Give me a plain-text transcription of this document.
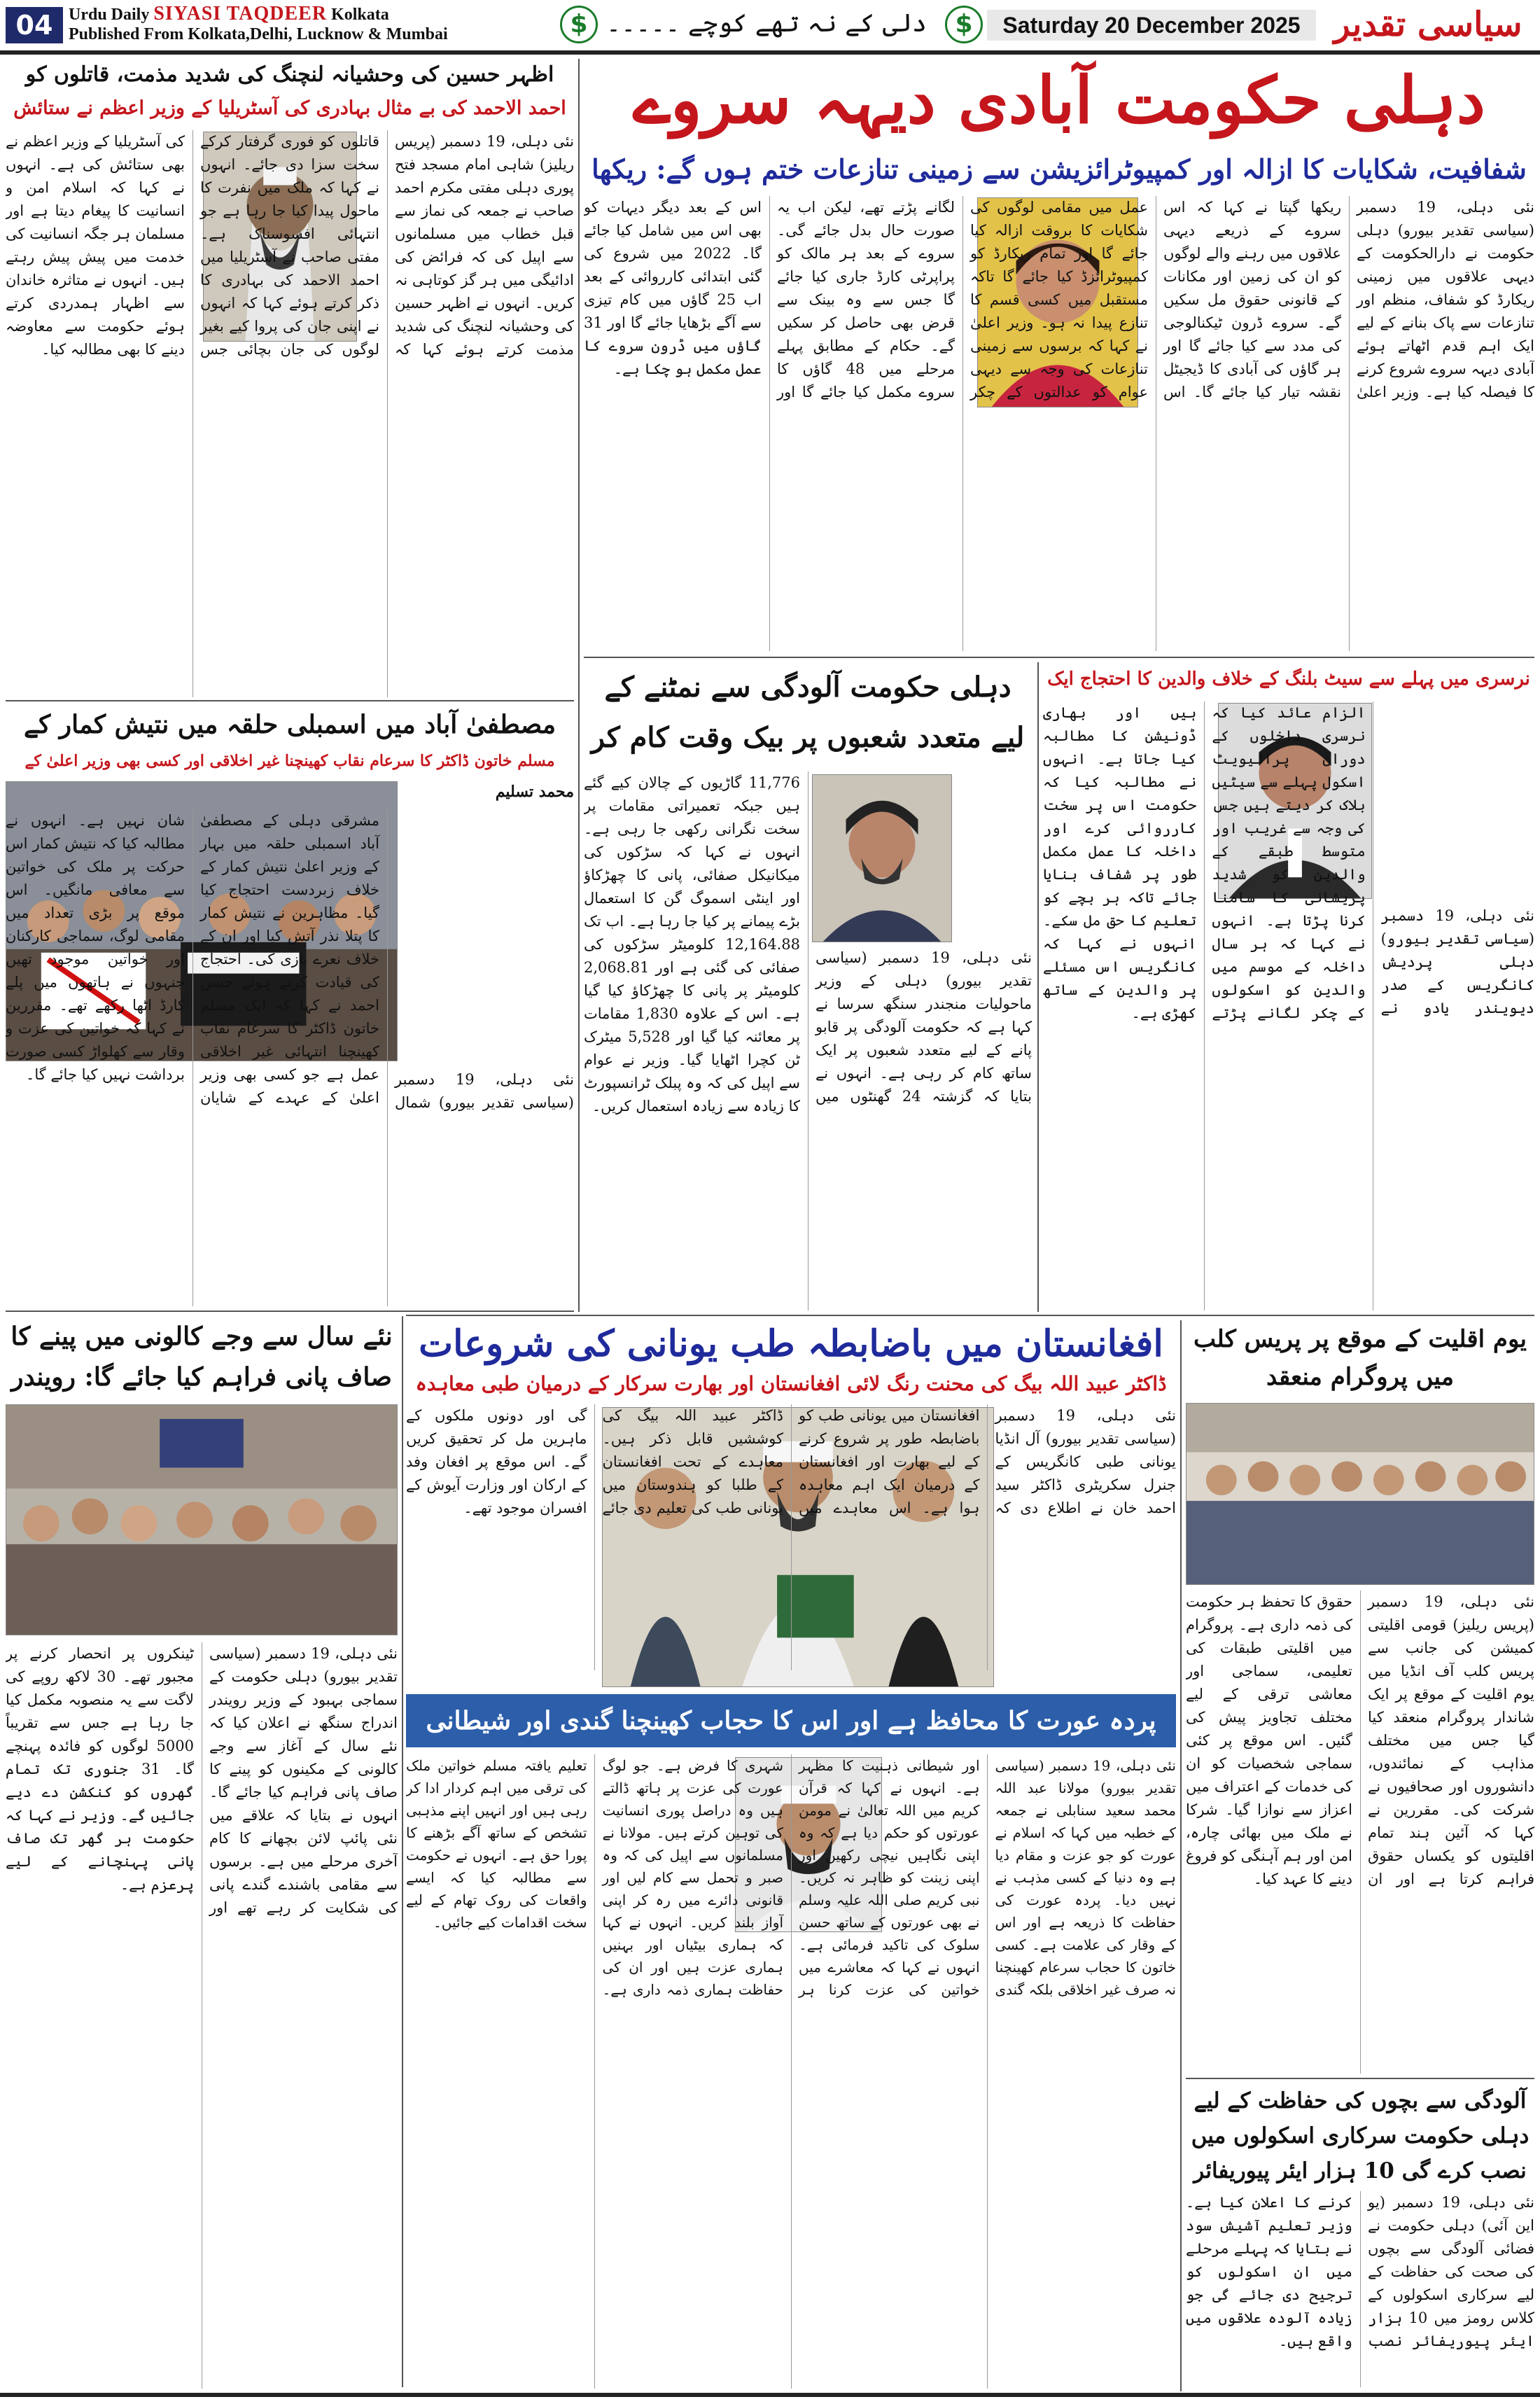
04 Urdu Daily SIYASI TAQDEER Kolkata
Published From Kolkata,Delhi, Lucknow & Mumbai	$ دلی کے نہ تھے کوچے ۔۔۔۔۔	$	Saturday 20 December 2025 سیاسی تقدیر
اظہر حسین کی وحشیانہ لنچنگ کی شدید مذمت، قاتلوں کو
احمد الاحمد کی بے مثال بہادری کی آسٹریلیا کے وزیر اعظم نے ستائش
نئی دہلی، 19 دسمبر (پریس ریلیز) شاہی امام مسجد فتح پوری دہلی مفتی مکرم احمد صاحب نے جمعہ کی نماز سے قبل خطاب میں مسلمانوں سے اپیل کی کہ فرائض کی ادائیگی میں ہر گز کوتاہی نہ کریں۔ انہوں نے اظہر حسین کی وحشیانہ لنچنگ کی شدید مذمت کرتے ہوئے کہا کہ قاتلوں کو فوری گرفتار کرکے سخت سزا دی جائے۔ انہوں نے کہا کہ ملک میں نفرت کا ماحول پیدا کیا جا رہا ہے جو انتہائی افسوسناک ہے۔ مفتی صاحب نے آسٹریلیا میں احمد الاحمد کی بہادری کا ذکر کرتے ہوئے کہا کہ انہوں نے اپنی جان کی پروا کیے بغیر لوگوں کی جان بچائی جس کی آسٹریلیا کے وزیر اعظم نے بھی ستائش کی ہے۔ انہوں نے کہا کہ اسلام امن و انسانیت کا پیغام دیتا ہے اور مسلمان ہر جگہ انسانیت کی خدمت میں پیش پیش رہتے ہیں۔ انہوں نے متاثرہ خاندان سے اظہار ہمدردی کرتے ہوئے حکومت سے معاوضہ دینے کا بھی مطالبہ کیا۔
مصطفیٰ آباد میں اسمبلی حلقہ میں نتیش کمار کے
مسلم خاتون ڈاکٹر کا سرعام نقاب کھینچنا غیر اخلاقی اور کسی بھی وزیر اعلیٰ کے
محمد تسلیم
نئی دہلی، 19 دسمبر (سیاسی تقدیر بیورو) شمال مشرقی دہلی کے مصطفیٰ آباد اسمبلی حلقہ میں بہار کے وزیر اعلیٰ نتیش کمار کے خلاف زبردست احتجاج کیا گیا۔ مظاہرین نے نتیش کمار کا پتلا نذر آتش کیا اور ان کے خلاف نعرے بازی کی۔ احتجاج کی قیادت کرتے ہوئے حسن احمد نے کہا کہ ایک مسلم خاتون ڈاکٹر کا سرعام نقاب کھینچنا انتہائی غیر اخلاقی عمل ہے جو کسی بھی وزیر اعلیٰ کے عہدے کے شایان شان نہیں ہے۔ انہوں نے مطالبہ کیا کہ نتیش کمار اس حرکت پر ملک کی خواتین سے معافی مانگیں۔ اس موقع پر بڑی تعداد میں مقامی لوگ، سماجی کارکنان اور خواتین موجود تھیں جنہوں نے ہاتھوں میں پلے کارڈ اٹھا رکھے تھے۔ مقررین نے کہا کہ خواتین کی عزت و وقار سے کھلواڑ کسی صورت برداشت نہیں کیا جائے گا۔
نئے سال سے وجے کالونی میں پینے کا صاف پانی فراہم کیا جائے گا: رویندر
نئی دہلی، 19 دسمبر (سیاسی تقدیر بیورو) دہلی حکومت کے سماجی بہبود کے وزیر رویندر اندراج سنگھ نے اعلان کیا کہ نئے سال کے آغاز سے وجے کالونی کے مکینوں کو پینے کا صاف پانی فراہم کیا جائے گا۔ انہوں نے بتایا کہ علاقے میں نئی پائپ لائن بچھانے کا کام آخری مرحلے میں ہے۔ برسوں سے مقامی باشندے گندے پانی کی شکایت کر رہے تھے اور ٹینکروں پر انحصار کرنے پر مجبور تھے۔ 30 لاکھ روپے کی لاگت سے یہ منصوبہ مکمل کیا جا رہا ہے جس سے تقریباً 5000 لوگوں کو فائدہ پہنچے گا۔ 31 جنوری تک تمام گھروں کو کنکشن دے دیے جائیں گے۔ وزیر نے کہا کہ حکومت ہر گھر تک صاف پانی پہنچانے کے لیے پرعزم ہے۔
دہلی حکومت آبادی دیہہ سروے
شفافیت، شکایات کا ازالہ اور کمپیوٹرائزیشن سے زمینی تنازعات ختم ہوں گے: ریکھا
نئی دہلی، 19 دسمبر (سیاسی تقدیر بیورو) دہلی حکومت نے دارالحکومت کے دیہی علاقوں میں زمینی ریکارڈ کو شفاف، منظم اور تنازعات سے پاک بنانے کے لیے ایک اہم قدم اٹھاتے ہوئے آبادی دیہہ سروے شروع کرنے کا فیصلہ کیا ہے۔ وزیر اعلیٰ ریکھا گپتا نے کہا کہ اس سروے کے ذریعے دیہی علاقوں میں رہنے والے لوگوں کو ان کی زمین اور مکانات کے قانونی حقوق مل سکیں گے۔ سروے ڈرون ٹیکنالوجی کی مدد سے کیا جائے گا اور ہر گاؤں کی آبادی کا ڈیجیٹل نقشہ تیار کیا جائے گا۔ اس عمل میں مقامی لوگوں کی شکایات کا بروقت ازالہ کیا جائے گا اور تمام ریکارڈ کو کمپیوٹرائزڈ کیا جائے گا تاکہ مستقبل میں کسی قسم کا تنازع پیدا نہ ہو۔ وزیر اعلیٰ نے کہا کہ برسوں سے زمینی تنازعات کی وجہ سے دیہی عوام کو عدالتوں کے چکر لگانے پڑتے تھے، لیکن اب یہ صورت حال بدل جائے گی۔ سروے کے بعد ہر مالک کو پراپرٹی کارڈ جاری کیا جائے گا جس سے وہ بینک سے قرض بھی حاصل کر سکیں گے۔ حکام کے مطابق پہلے مرحلے میں 48 گاؤں کا سروے مکمل کیا جائے گا اور اس کے بعد دیگر دیہات کو بھی اس میں شامل کیا جائے گا۔ 2022 میں شروع کی گئی ابتدائی کارروائی کے بعد اب 25 گاؤں میں کام تیزی سے آگے بڑھایا جائے گا اور 31 گاؤں میں ڈرون سروے کا عمل مکمل ہو چکا ہے۔
دہلی حکومت آلودگی سے نمٹنے کے لیے متعدد شعبوں پر بیک وقت کام کر
نئی دہلی، 19 دسمبر (سیاسی تقدیر بیورو) دہلی کے وزیر ماحولیات منجندر سنگھ سرسا نے کہا ہے کہ حکومت آلودگی پر قابو پانے کے لیے متعدد شعبوں پر ایک ساتھ کام کر رہی ہے۔ انہوں نے بتایا کہ گزشتہ 24 گھنٹوں میں 11,776 گاڑیوں کے چالان کیے گئے ہیں جبکہ تعمیراتی مقامات پر سخت نگرانی رکھی جا رہی ہے۔ انہوں نے کہا کہ سڑکوں کی میکانیکل صفائی، پانی کا چھڑکاؤ اور اینٹی اسموگ گن کا استعمال بڑے پیمانے پر کیا جا رہا ہے۔ اب تک 12,164.88 کلومیٹر سڑکوں کی صفائی کی گئی ہے اور 2,068.81 کلومیٹر پر پانی کا چھڑکاؤ کیا گیا ہے۔ اس کے علاوہ 1,830 مقامات پر معائنہ کیا گیا اور 5,528 میٹرک ٹن کچرا اٹھایا گیا۔ وزیر نے عوام سے اپیل کی کہ وہ پبلک ٹرانسپورٹ کا زیادہ سے زیادہ استعمال کریں۔
نرسری میں پہلے سے سیٹ بلنگ کے خلاف والدین کا احتجاج ایک
نئی دہلی، 19 دسمبر (سیاسی تقدیر بیورو) دہلی پردیش کانگریس کے صدر دیویندر یادو نے الزام عائد کیا کہ نرسری داخلوں کے دوران پرائیویٹ اسکول پہلے سے سیٹیں بلاک کر دیتے ہیں جس کی وجہ سے غریب اور متوسط طبقے کے والدین کو شدید پریشانی کا سامنا کرنا پڑتا ہے۔ انہوں نے کہا کہ ہر سال داخلہ کے موسم میں والدین کو اسکولوں کے چکر لگانے پڑتے ہیں اور بھاری ڈونیشن کا مطالبہ کیا جاتا ہے۔ انہوں نے مطالبہ کیا کہ حکومت اس پر سخت کارروائی کرے اور داخلہ کا عمل مکمل طور پر شفاف بنایا جائے تاکہ ہر بچے کو تعلیم کا حق مل سکے۔ انہوں نے کہا کہ کانگریس اس مسئلے پر والدین کے ساتھ کھڑی ہے۔
افغانستان میں باضابطہ طب یونانی کی شروعات
ڈاکٹر عبید اللہ بیگ کی محنت رنگ لائی افغانستان اور بھارت سرکار کے درمیان طبی معاہدہ
نئی دہلی، 19 دسمبر (سیاسی تقدیر بیورو) آل انڈیا یونانی طبی کانگریس کے جنرل سکریٹری ڈاکٹر سید احمد خان نے اطلاع دی کہ افغانستان میں یونانی طب کو باضابطہ طور پر شروع کرنے کے لیے بھارت اور افغانستان کے درمیان ایک اہم معاہدہ ہوا ہے۔ اس معاہدے میں ڈاکٹر عبید اللہ بیگ کی کوششیں قابل ذکر ہیں۔ معاہدے کے تحت افغانستان کے طلبا کو ہندوستان میں یونانی طب کی تعلیم دی جائے گی اور دونوں ملکوں کے ماہرین مل کر تحقیق کریں گے۔ اس موقع پر افغان وفد کے ارکان اور وزارت آیوش کے افسران موجود تھے۔
یوم اقلیت کے موقع پر پریس کلب میں پروگرام منعقد
نئی دہلی، 19 دسمبر (پریس ریلیز) قومی اقلیتی کمیشن کی جانب سے پریس کلب آف انڈیا میں یوم اقلیت کے موقع پر ایک شاندار پروگرام منعقد کیا گیا جس میں مختلف مذاہب کے نمائندوں، دانشوروں اور صحافیوں نے شرکت کی۔ مقررین نے کہا کہ آئین ہند تمام اقلیتوں کو یکساں حقوق فراہم کرتا ہے اور ان حقوق کا تحفظ ہر حکومت کی ذمہ داری ہے۔ پروگرام میں اقلیتی طبقات کی تعلیمی، سماجی اور معاشی ترقی کے لیے مختلف تجاویز پیش کی گئیں۔ اس موقع پر کئی سماجی شخصیات کو ان کی خدمات کے اعتراف میں اعزاز سے نوازا گیا۔ شرکا نے ملک میں بھائی چارہ، امن اور ہم آہنگی کو فروغ دینے کا عہد کیا۔
آلودگی سے بچوں کی حفاظت کے لیے دہلی حکومت سرکاری اسکولوں میں نصب کرے گی 10 ہزار ایئر پیوریفائر
نئی دہلی، 19 دسمبر (یو این آئی) دہلی حکومت نے فضائی آلودگی سے بچوں کی صحت کی حفاظت کے لیے سرکاری اسکولوں کے کلاس رومز میں 10 ہزار ایئر پیوریفائر نصب کرنے کا اعلان کیا ہے۔ وزیر تعلیم آشیش سود نے بتایا کہ پہلے مرحلے میں ان اسکولوں کو ترجیح دی جائے گی جو زیادہ آلودہ علاقوں میں واقع ہیں۔
پردہ عورت کا محافظ ہے اور اس کا حجاب کھینچنا گندی اور شیطانی
نئی دہلی، 19 دسمبر (سیاسی تقدیر بیورو) مولانا عبد اللہ محمد سعید سنابلی نے جمعہ کے خطبہ میں کہا کہ اسلام نے عورت کو جو عزت و مقام دیا ہے وہ دنیا کے کسی مذہب نے نہیں دیا۔ پردہ عورت کی حفاظت کا ذریعہ ہے اور اس کے وقار کی علامت ہے۔ کسی خاتون کا حجاب سرعام کھینچنا نہ صرف غیر اخلاقی بلکہ گندی اور شیطانی ذہنیت کا مظہر ہے۔ انہوں نے کہا کہ قرآن کریم میں اللہ تعالیٰ نے مومن عورتوں کو حکم دیا ہے کہ وہ اپنی نگاہیں نیچی رکھیں اور اپنی زینت کو ظاہر نہ کریں۔ نبی کریم صلی اللہ علیہ وسلم نے بھی عورتوں کے ساتھ حسن سلوک کی تاکید فرمائی ہے۔ انہوں نے کہا کہ معاشرے میں خواتین کی عزت کرنا ہر شہری کا فرض ہے۔ جو لوگ عورت کی عزت پر ہاتھ ڈالتے ہیں وہ دراصل پوری انسانیت کی توہین کرتے ہیں۔ مولانا نے مسلمانوں سے اپیل کی کہ وہ صبر و تحمل سے کام لیں اور قانونی دائرے میں رہ کر اپنی آواز بلند کریں۔ انہوں نے کہا کہ ہماری بیٹیاں اور بہنیں ہماری عزت ہیں اور ان کی حفاظت ہماری ذمہ داری ہے۔ تعلیم یافتہ مسلم خواتین ملک کی ترقی میں اہم کردار ادا کر رہی ہیں اور انہیں اپنے مذہبی تشخص کے ساتھ آگے بڑھنے کا پورا حق ہے۔ انہوں نے حکومت سے مطالبہ کیا کہ ایسے واقعات کی روک تھام کے لیے سخت اقدامات کیے جائیں۔
